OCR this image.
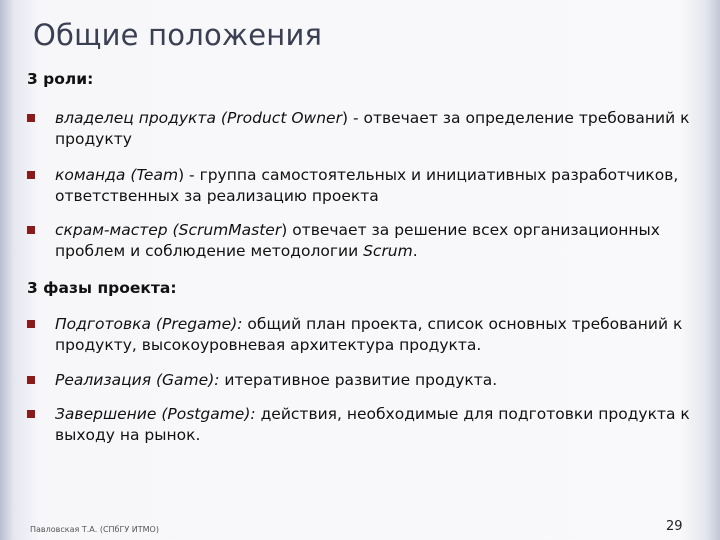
Общие положения
3 роли:
владелец продукта (Product Owner) - отвечает за определение требований к продукту
команда (Team) - группа самостоятельных и инициативных разработчиков, ответственных за реализацию проекта
скрам-мастер (ScrumMaster) отвечает за решение всех организационных проблем и соблюдение методологии Scrum.
3 фазы проекта:
Подготовка (Pregame): общий план проекта, список основных требований к продукту, высокоуровневая архитектура продукта.
Реализация (Game): итеративное развитие продукта.
Завершение (Postgame): действия, необходимые для подготовки продукта к выходу на рынок.
Павловская Т.А. (СПбГУ ИТМО)	29
